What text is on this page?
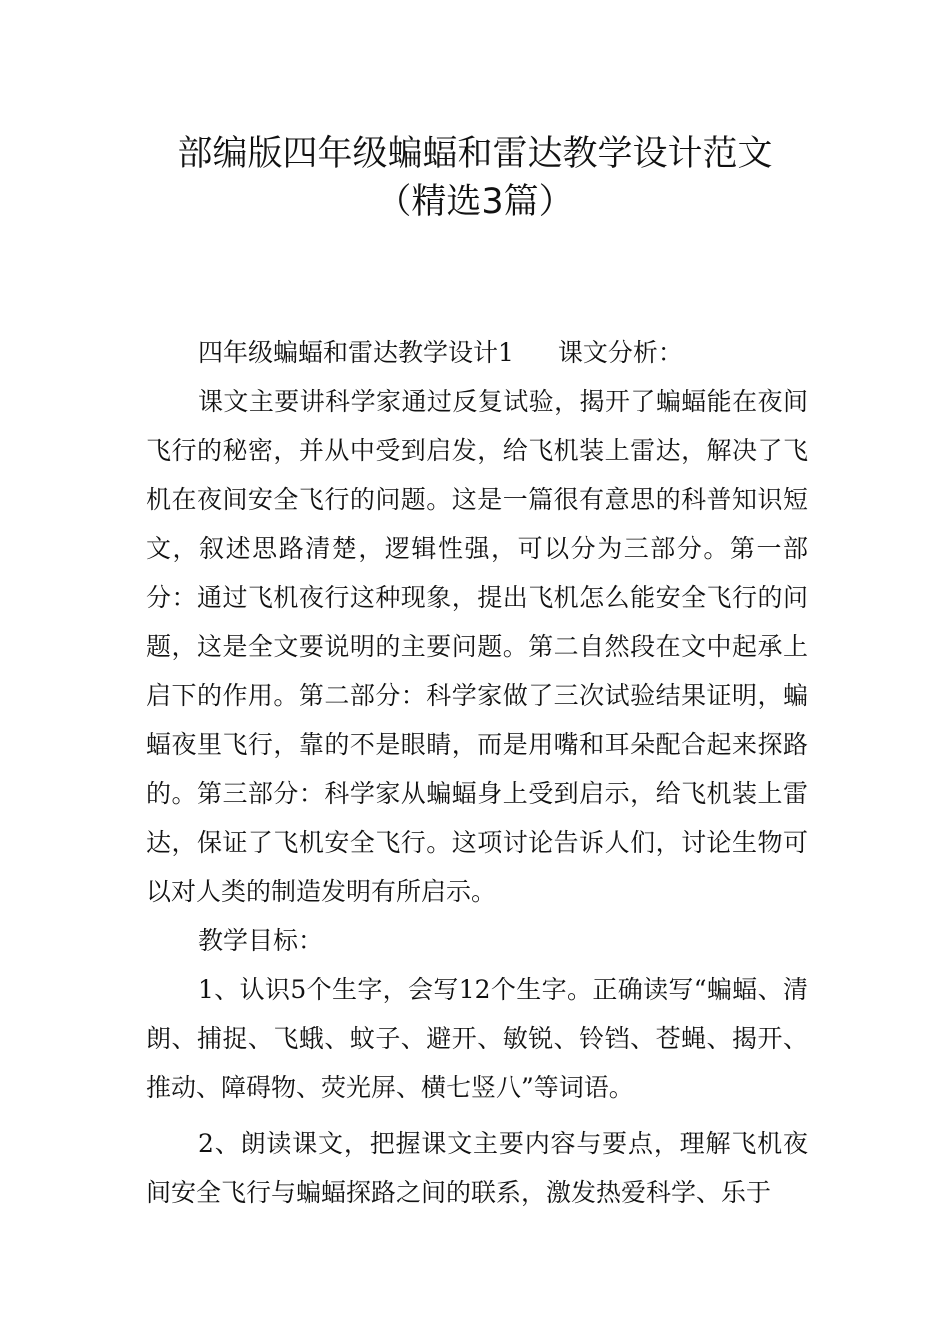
部编版四年级蝙蝠和雷达教学设计范文
（精选3篇）

四年级蝙蝠和雷达教学设计1 课文分析：

课文主要讲科学家通过反复试验，揭开了蝙蝠能在夜间飞行的秘密，并从中受到启发，给飞机装上雷达，解决了飞机在夜间安全飞行的问题。这是一篇很有意思的科普知识短文，叙述思路清楚，逻辑性强，可以分为三部分。第一部分：通过飞机夜行这种现象，提出飞机怎么能安全飞行的问题，这是全文要说明的主要问题。第二自然段在文中起承上启下的作用。第二部分：科学家做了三次试验结果证明，蝙蝠夜里飞行，靠的不是眼睛，而是用嘴和耳朵配合起来探路的。第三部分：科学家从蝙蝠身上受到启示，给飞机装上雷达，保证了飞机安全飞行。这项讨论告诉人们，讨论生物可以对人类的制造发明有所启示。

教学目标：

1、认识5个生字，会写12个生字。正确读写“蝙蝠、清朗、捕捉、飞蛾、蚊子、避开、敏锐、铃铛、苍蝇、揭开、推动、障碍物、荧光屏、横七竖八”等词语。

2、朗读课文，把握课文主要内容与要点，理解飞机夜间安全飞行与蝙蝠探路之间的联系，激发热爱科学、乐于
